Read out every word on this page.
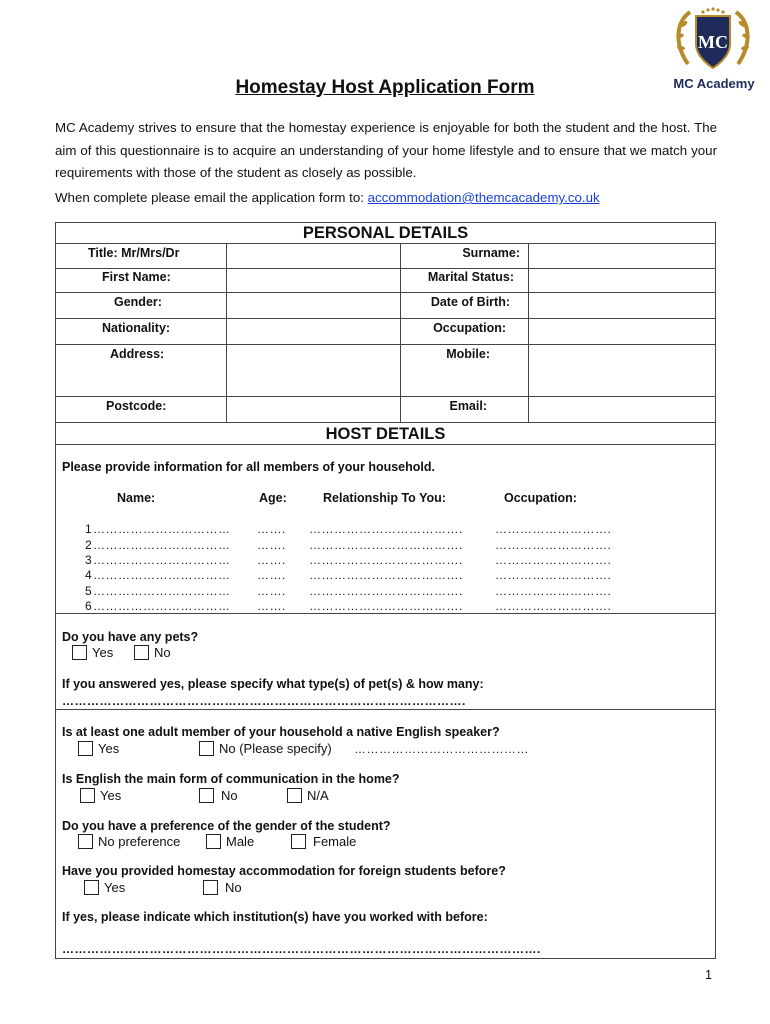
Homestay Host Application Form
MC
MC Academy
MC Academy strives to ensure that the homestay experience is enjoyable for both the student and the host. The aim of this questionnaire is to acquire an understanding of your home lifestyle and to ensure that we match your requirements with those of the student as closely as possible.
When complete please email the application form to: accommodation@themcacademy.co.uk
PERSONAL DETAILS
Title: Mr/Mrs/Dr	Surname:
First Name:	Marital Status:
Gender:	Date of Birth:
Nationality:	Occupation:
Address:	Mobile:
Postcode:	Email:
HOST DETAILS
Please provide information for all members of your household.
Name:	Age:	Relationship To You:	Occupation:
1 …………………………… ……. ……………………………….	……………………….
2 …………………………… ……. ……………………………….	……………………….
3 …………………………… ……. ……………………………….	……………………….
4 …………………………… ……. ……………………………….	……………………….
5 …………………………… ……. ……………………………….	……………………….
6 …………………………… ……. ……………………………….	……………………….
Do you have any pets?
Yes	No
If you answered yes, please specify what type(s) of pet(s) & how many:
…………………………………………………………………………………….
Is at least one adult member of your household a native English speaker?
Yes	No (Please specify) ……………………………………
Is English the main form of communication in the home?
Yes	No	N/A
Do you have a preference of the gender of the student?
No preference	Male	Female
Have you provided homestay accommodation for foreign students before?
Yes	No
If yes, please indicate which institution(s) have you worked with before:
…………………………………………………………………………………………………….
1
